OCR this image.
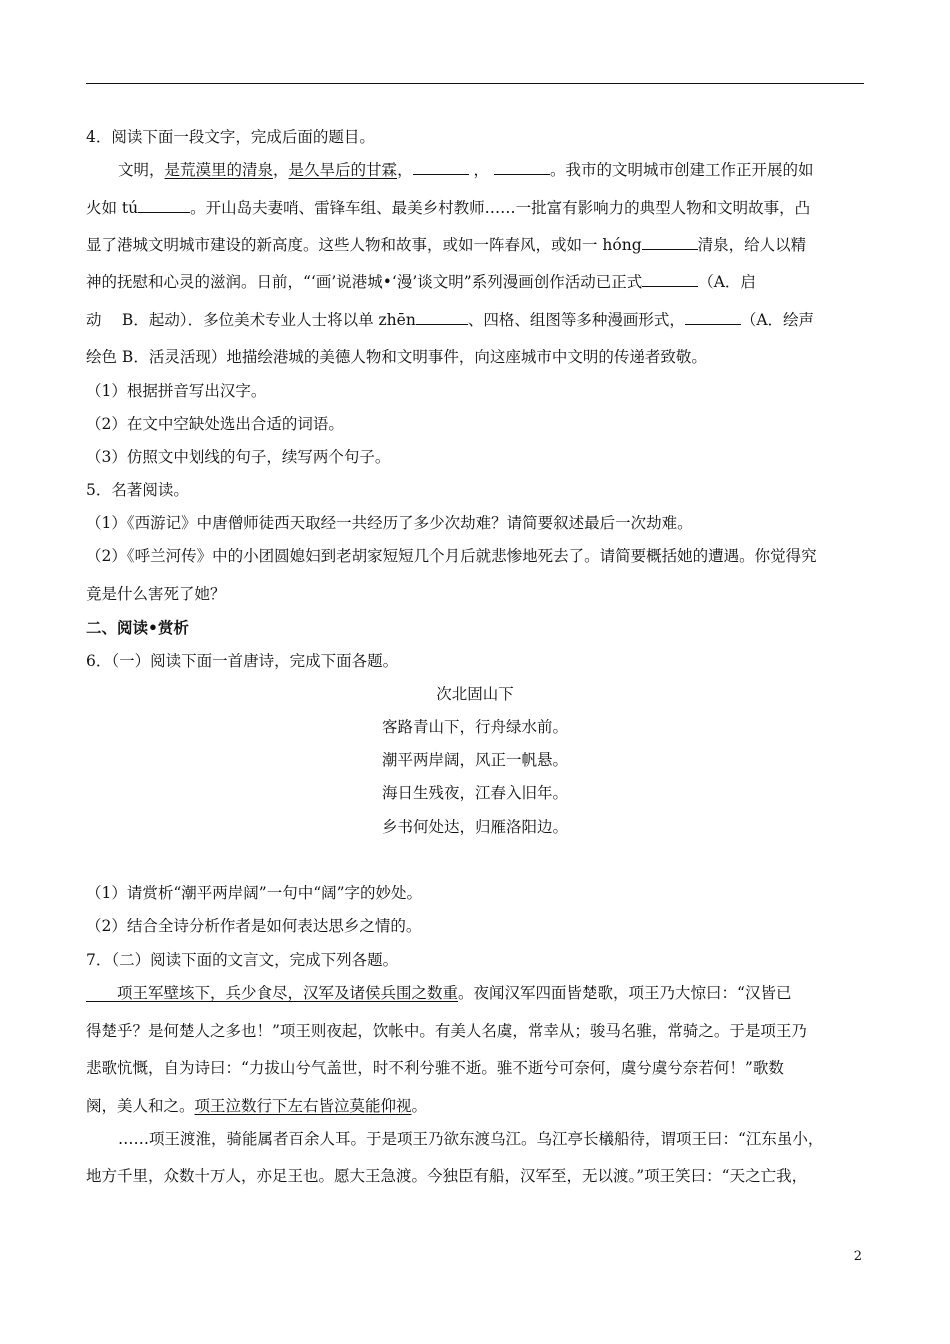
4．阅读下面一段文字，完成后面的题目。
文明，是荒漠里的清泉，是久旱后的甘霖，	，	。我市的文明城市创建工作正开展的如
火如 tú	。开山岛夫妻哨、雷锋车组、最美乡村教师……一批富有影响力的典型人物和文明故事，凸
显了港城文明城市建设的新高度。这些人物和故事，或如一阵春风，或如一 hóng	清泉，给人以精
神的抚慰和心灵的滋润。日前，“‘画’说港城•‘漫’谈文明”系列漫画创作活动已正式	（A．启
动　 B．起动）．多位美术专业人士将以单 zhēn	、四格、组图等多种漫画形式，	（A．绘声
绘色 B．活灵活现）地描绘港城的美德人物和文明事件，向这座城市中文明的传递者致敬。
（1）根据拼音写出汉字。
（2）在文中空缺处选出合适的词语。
（3）仿照文中划线的句子，续写两个句子。
5．名著阅读。
（1）《西游记》中唐僧师徒西天取经一共经历了多少次劫难？请简要叙述最后一次劫难。
（2）《呼兰河传》中的小团圆媳妇到老胡家短短几个月后就悲惨地死去了。请简要概括她的遭遇。你觉得究
竟是什么害死了她？
二、阅读•赏析
6．（一）阅读下面一首唐诗，完成下面各题。
次北固山下
客路青山下，行舟绿水前。
潮平两岸阔，风正一帆悬。
海日生残夜，江春入旧年。
乡书何处达，归雁洛阳边。
（1）请赏析“潮平两岸阔”一句中“阔”字的妙处。
（2）结合全诗分析作者是如何表达思乡之情的。
7．（二）阅读下面的文言文，完成下列各题。
　　项王军壁垓下，兵少食尽，汉军及诸侯兵围之数重。夜闻汉军四面皆楚歌，项王乃大惊曰：“汉皆已
得楚乎？是何楚人之多也！”项王则夜起，饮帐中。有美人名虞，常幸从；骏马名骓，常骑之。于是项王乃
悲歌忼慨，自为诗曰：“力拔山兮气盖世，时不利兮骓不逝。骓不逝兮可奈何，虞兮虞兮奈若何！”歌数
阕，美人和之。项王泣数行下左右皆泣莫能仰视。
……项王渡淮，骑能属者百余人耳。于是项王乃欲东渡乌江。乌江亭长檥船待，谓项王曰：“江东虽小，
地方千里，众数十万人，亦足王也。愿大王急渡。今独臣有船，汉军至，无以渡。”项王笑曰：“天之亡我，
2
